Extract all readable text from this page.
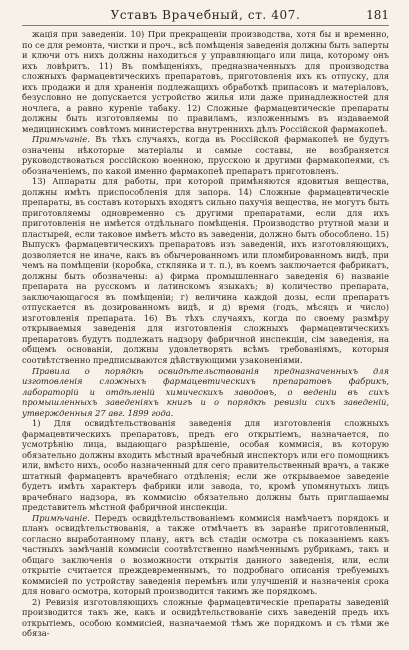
Уставъ Врачебный, ст. 407.	181

жація при заведеніи. 10) При прекращеніи производства, хотя бы и временно, по се для ремонта, чистки и проч., всѣ помѣщенія заведенія должны быть заперты и ключи отъ нихъ должны находиться у управляющаго или лица, которому онъ ихъ ловѣритъ. 11) Въ помѣщеніяхъ, предназначенныхъ для производства сложныхъ фармацевтическихъ препаратовъ, приготовленія ихъ къ отпуску, для ихъ продажи и для храненія подлежащихъ обработкѣ припасовъ и матеріаловъ, безусловно не допускается устройство жилья или даже принадлежностей для ночлега, а равно куреніе табаку. 12) Сложные фармацевтическіе препараты должны быть изготовляемы по правиламъ, изложеннымъ въ издаваемой медицинскимъ совѣтомъ министерства внутреннихъ дѣлъ Россійской фармакопеѣ.

Примѣчаніе. Въ тѣхъ случаяхъ, когда въ Россійской фармакопеѣ не будутъ означены нѣкоторые матеріалы и самые составы, не возбраняется руководствоваться россійскою военною, прусскою и другими фармакопеями, съ обозначеніемъ, по какой именно фармакопеѣ препаратъ приготовленъ.

13) Аппараты для работы, при которой примѣняются ядовитыя вещества, должны имѣть приспособленія для запора. 14) Сложные фармацевтическіе препараты, въ составъ которыхъ входятъ сильно пахучія вещества, не могутъ быть приготовляемы одновременно съ другими препаратами, если для ихъ приготовленія не имѣется отдѣльнаго помѣщенія. Производство ртутной мази и пластырей, если таковое имѣетъ мѣсто въ заведеніи, должно быть обособлено. 15) Выпускъ фармацевтическихъ препаратовъ изъ заведеній, ихъ изготовляющихъ, дозволяется не иначе, какъ въ обычерованномъ или пломбированномъ видѣ, при чемъ на помѣщеніи (коробка, стклянка и т. п.), въ коемъ заключается фабрикатъ, должны быть обозначены: а) фирма промышленнаго заведенія 6) названіе препарата на русскомъ и латинскомъ языкахъ; в) количество препарата, заключающагося въ помѣщеніи; г) величина каждой дозы, если препаратъ отпускается въ дозированномъ видѣ, и д) время (годъ, мѣсяцъ и число) изготовленія препарата. 16) Въ тѣхъ случаяхъ, когда по своему размѣру открываемыя заведенія для изготовленія сложныхъ фармацевтическихъ препаратовъ будутъ подлежать надзору фабричной инспекціи, сім заведенія, на общемъ основаніи, должны удовлетворять всѣмъ требованіямъ, которыя соотвѣтственно предписываются дѣйствующими узаконеніями.

Правила о порядкѣ освидѣтельствованія предназначенныхъ для изготовленія сложныхъ фармацевтическихъ препаратовъ фабрикъ, лабораторій и отдѣленій химическихъ заводовъ, о веденіи въ сихъ промышленныхъ заведеніяхъ книгъ и о порядкѣ ревизіи сихъ заведеній, утвержденныя 27 авг. 1899 года.

1) Для освидѣтельствованія заведенія для изготовленія сложныхъ фармацевтическихъ препаратовъ, предъ его открытіемъ, назначается, по усмотрѣнію лица, выдающаго разрѣшеніе, особая коммисія, въ которую обязательно должны входить мѣстный врачебный инспекторъ или его помощникъ или, вмѣсто нихъ, особо назначенный для сего правительственный врачъ, а также штатный фармацевтъ врачебнаго отдѣленія; если же открываемое заведеніе будетъ имѣть характеръ фабрики или завода, то, кромѣ упомянутыхъ лицъ врачебнаго надзора, въ коммисію обязательно должны быть приглашаемы представитель мѣстной фабричной инспекціи.

Примѣчаніе. Передъ освидѣтельствованіемъ коммисія намѣчаетъ порядокъ и планъ освидѣтельствованія, а также отмѣчаетъ въ заранѣе приготовленный, согласно выработанному плану, актъ всѣ стадіи осмотра съ показаніемъ какъ частныхъ замѣчаній коммисіи соотвѣтственно намѣченнымъ рубрикамъ, такъ и общаго заключенія о возможности открытія данного заведенія, или, если открытіе считается преждевременнымъ, то подробнаго описанія требуемыхъ коммисіей по устройству заведенія перемѣнъ или улучшеній и назначенія срока для новаго осмотра, который производится такимъ же порядкомъ.

2) Ревизія изготовляющихъ сложные фармацевтическіе препараты заведеній производится такъ же, какъ и освидѣтельствованіе сихъ заведеній предъ ихъ открытіемъ, особою коммисіей, назначаемой тѣмъ же порядкомъ и съ тѣми же обяза-
